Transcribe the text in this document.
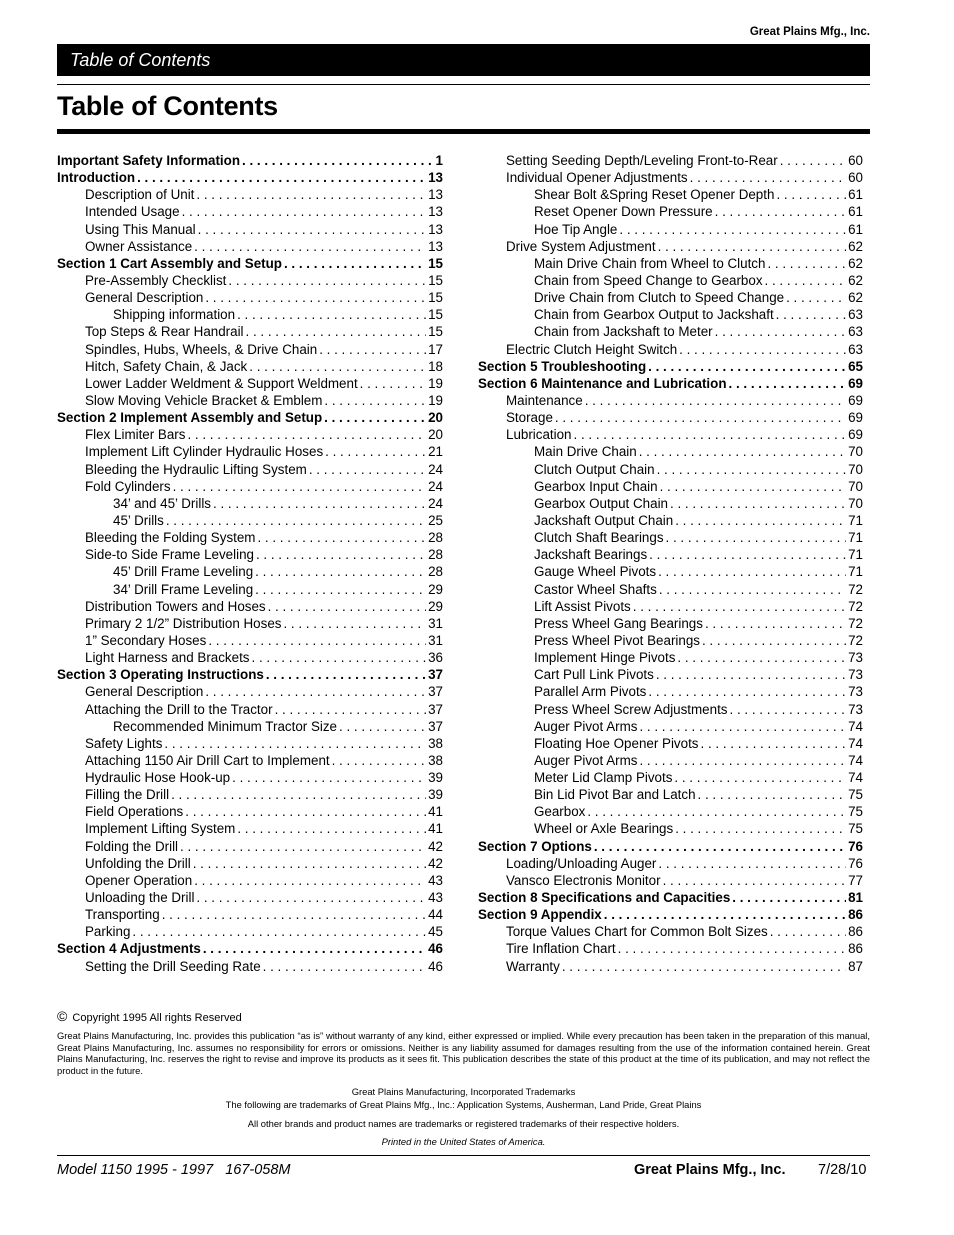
Great Plains Mfg., Inc.
Table of Contents
Table of Contents
Important Safety Information . . .	1
Introduction . . .	13
Description of Unit . . .	13
Intended Usage . . .	13
Using This Manual . . .	13
Owner Assistance . . .	13
Section 1 Cart Assembly and Setup . . .	15
Pre-Assembly Checklist . . .	15
General Description . . .	15
Shipping information . . .	15
Top Steps & Rear Handrail . . .	15
Spindles, Hubs, Wheels, & Drive Chain . . .	17
Hitch, Safety Chain, & Jack . . .	18
Lower Ladder Weldment & Support Weldment . . .	19
Slow Moving Vehicle Bracket & Emblem . . .	19
Section 2 Implement Assembly and Setup . . .	20
Flex Limiter Bars . . .	20
Implement Lift Cylinder Hydraulic Hoses . . .	21
Bleeding the Hydraulic Lifting System . . .	24
Fold Cylinders . . .	24
34’ and 45’ Drills . . .	24
45’ Drills . . .	25
Bleeding the Folding System . . .	28
Side-to Side Frame Leveling . . .	28
45’ Drill Frame Leveling . . .	28
34’ Drill Frame Leveling . . .	29
Distribution Towers and Hoses . . .	29
Primary 2 1/2” Distribution Hoses . . .	31
1” Secondary Hoses . . .	31
Light Harness and Brackets . . .	36
Section 3 Operating Instructions . . .	37
General Description . . .	37
Attaching the Drill to the Tractor . . .	37
Recommended Minimum Tractor Size . . .	37
Safety Lights . . .	38
Attaching 1150 Air Drill Cart to Implement . . .	38
Hydraulic Hose Hook-up . . .	39
Filling the Drill . . .	39
Field Operations . . .	41
Implement Lifting System . . .	41
Folding the Drill . . .	42
Unfolding the Drill . . .	42
Opener Operation . . .	43
Unloading the Drill . . .	43
Transporting . . .	44
Parking . . .	45
Section 4 Adjustments . . .	46
Setting the Drill Seeding Rate . . .	46
Setting Seeding Depth/Leveling Front-to-Rear . . .	60
Individual Opener Adjustments . . .	60
Shear Bolt &Spring Reset Opener Depth . . .	61
Reset Opener Down Pressure . . .	61
Hoe Tip Angle . . .	61
Drive System Adjustment . . .	62
Main Drive Chain from Wheel to Clutch . . .	62
Chain from Speed Change to Gearbox . . .	62
Drive Chain from Clutch to Speed Change . . .	62
Chain from Gearbox Output to Jackshaft . . .	63
Chain from Jackshaft to Meter . . .	63
Electric Clutch Height Switch . . .	63
Section 5 Troubleshooting . . .	65
Section 6 Maintenance and Lubrication . . .	69
Maintenance . . .	69
Storage . . .	69
Lubrication . . .	69
Main Drive Chain . . .	70
Clutch Output Chain . . .	70
Gearbox Input Chain . . .	70
Gearbox Output Chain . . .	70
Jackshaft Output Chain . . .	71
Clutch Shaft Bearings . . .	71
Jackshaft Bearings . . .	71
Gauge Wheel Pivots . . .	71
Castor Wheel Shafts . . .	72
Lift Assist Pivots . . .	72
Press Wheel Gang Bearings . . .	72
Press Wheel Pivot Bearings . . .	72
Implement Hinge Pivots . . .	73
Cart Pull Link Pivots . . .	73
Parallel Arm Pivots . . .	73
Press Wheel Screw Adjustments . . .	73
Auger Pivot Arms . . .	74
Floating Hoe Opener Pivots . . .	74
Auger Pivot Arms . . .	74
Meter Lid Clamp Pivots . . .	74
Bin Lid Pivot Bar and Latch . . .	75
Gearbox . . .	75
Wheel or Axle Bearings . . .	75
Section 7 Options . . .	76
Loading/Unloading Auger . . .	76
Vansco Electronis Monitor . . .	77
Section 8 Specifications and Capacities . . .	81
Section 9 Appendix . . .	86
Torque Values Chart for Common Bolt Sizes . . .	86
Tire Inflation Chart . . .	86
Warranty . . .	87
© Copyright 1995 All rights Reserved
Great Plains Manufacturing, Inc. provides this publication “as is” without warranty of any kind, either expressed or implied. While every precaution has been taken in the preparation of this manual, Great Plains Manufacturing, Inc. assumes no responsibility for errors or omissions. Neither is any liability assumed for damages resulting from the use of the information contained herein. Great Plains Manufacturing, Inc. reserves the right to revise and improve its products as it sees fit. This publication describes the state of this product at the time of its publication, and may not reflect the product in the future.
Great Plains Manufacturing, Incorporated Trademarks
The following are trademarks of Great Plains Mfg., Inc.: Application Systems, Ausherman, Land Pride, Great Plains
All other brands and product names are trademarks or registered trademarks of their respective holders.
Printed in the United States of America.
Model 1150 1995 - 1997   167-058M	Great Plains Mfg., Inc. 7/28/10
